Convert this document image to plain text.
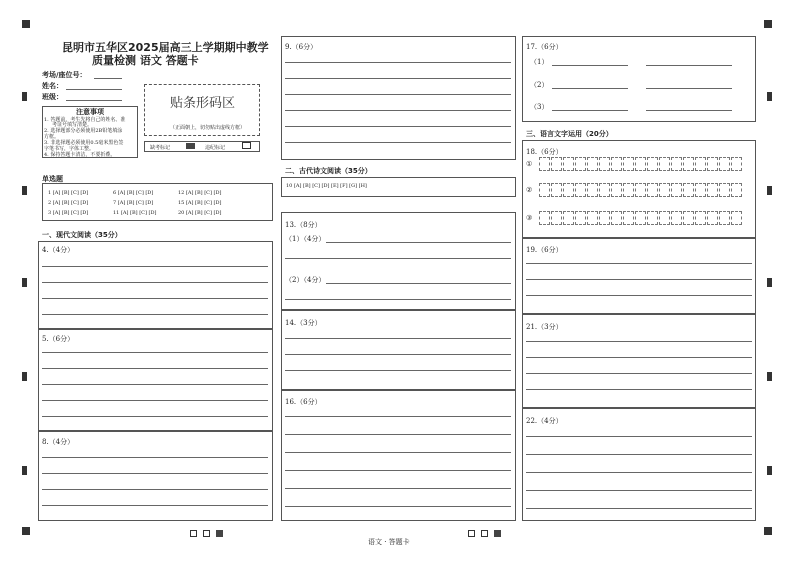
昆明市五华区2025届高三上学期期中教学
质量检测 语文 答题卡
考场/座位号：
姓名：
班级：
注意事项
1. 答题前，考生先将自己的姓名、准
考证号填写清楚。
2. 选择题部分必须使用2B铅笔填涂
方框。
3. 非选择题必须使用0.5毫米黑色签
字笔书写，字体工整。
4. 保持答题卡清洁，不要折叠。
贴条形码区
（正面朝上，切勿贴出虚线方框）
缺考标记	违纪标记
单选题
1 [A] [B] [C] [D]	6 [A] [B] [C] [D]	12 [A] [B] [C] [D]
2 [A] [B] [C] [D]	7 [A] [B] [C] [D]	15 [A] [B] [C] [D]
3 [A] [B] [C] [D]	11 [A] [B] [C] [D]	20 [A] [B] [C] [D]
一、现代文阅读（35分）
4.（4分）
5.（6分）
8.（4分）
9.（6分）
二、古代诗文阅读（35分）
10 [A] [B] [C] [D] [E] [F] [G] [H]
13.（8分）
（1）（4分）
（2）（4分）
14.（3分）
16.（6分）
17.（6分）
（1）
（2）
（3）
三、语言文字运用（20分）
18.（6分）
①
②
③
19.（6分）
21.（3分）
22.（4分）
语文 · 答题卡
